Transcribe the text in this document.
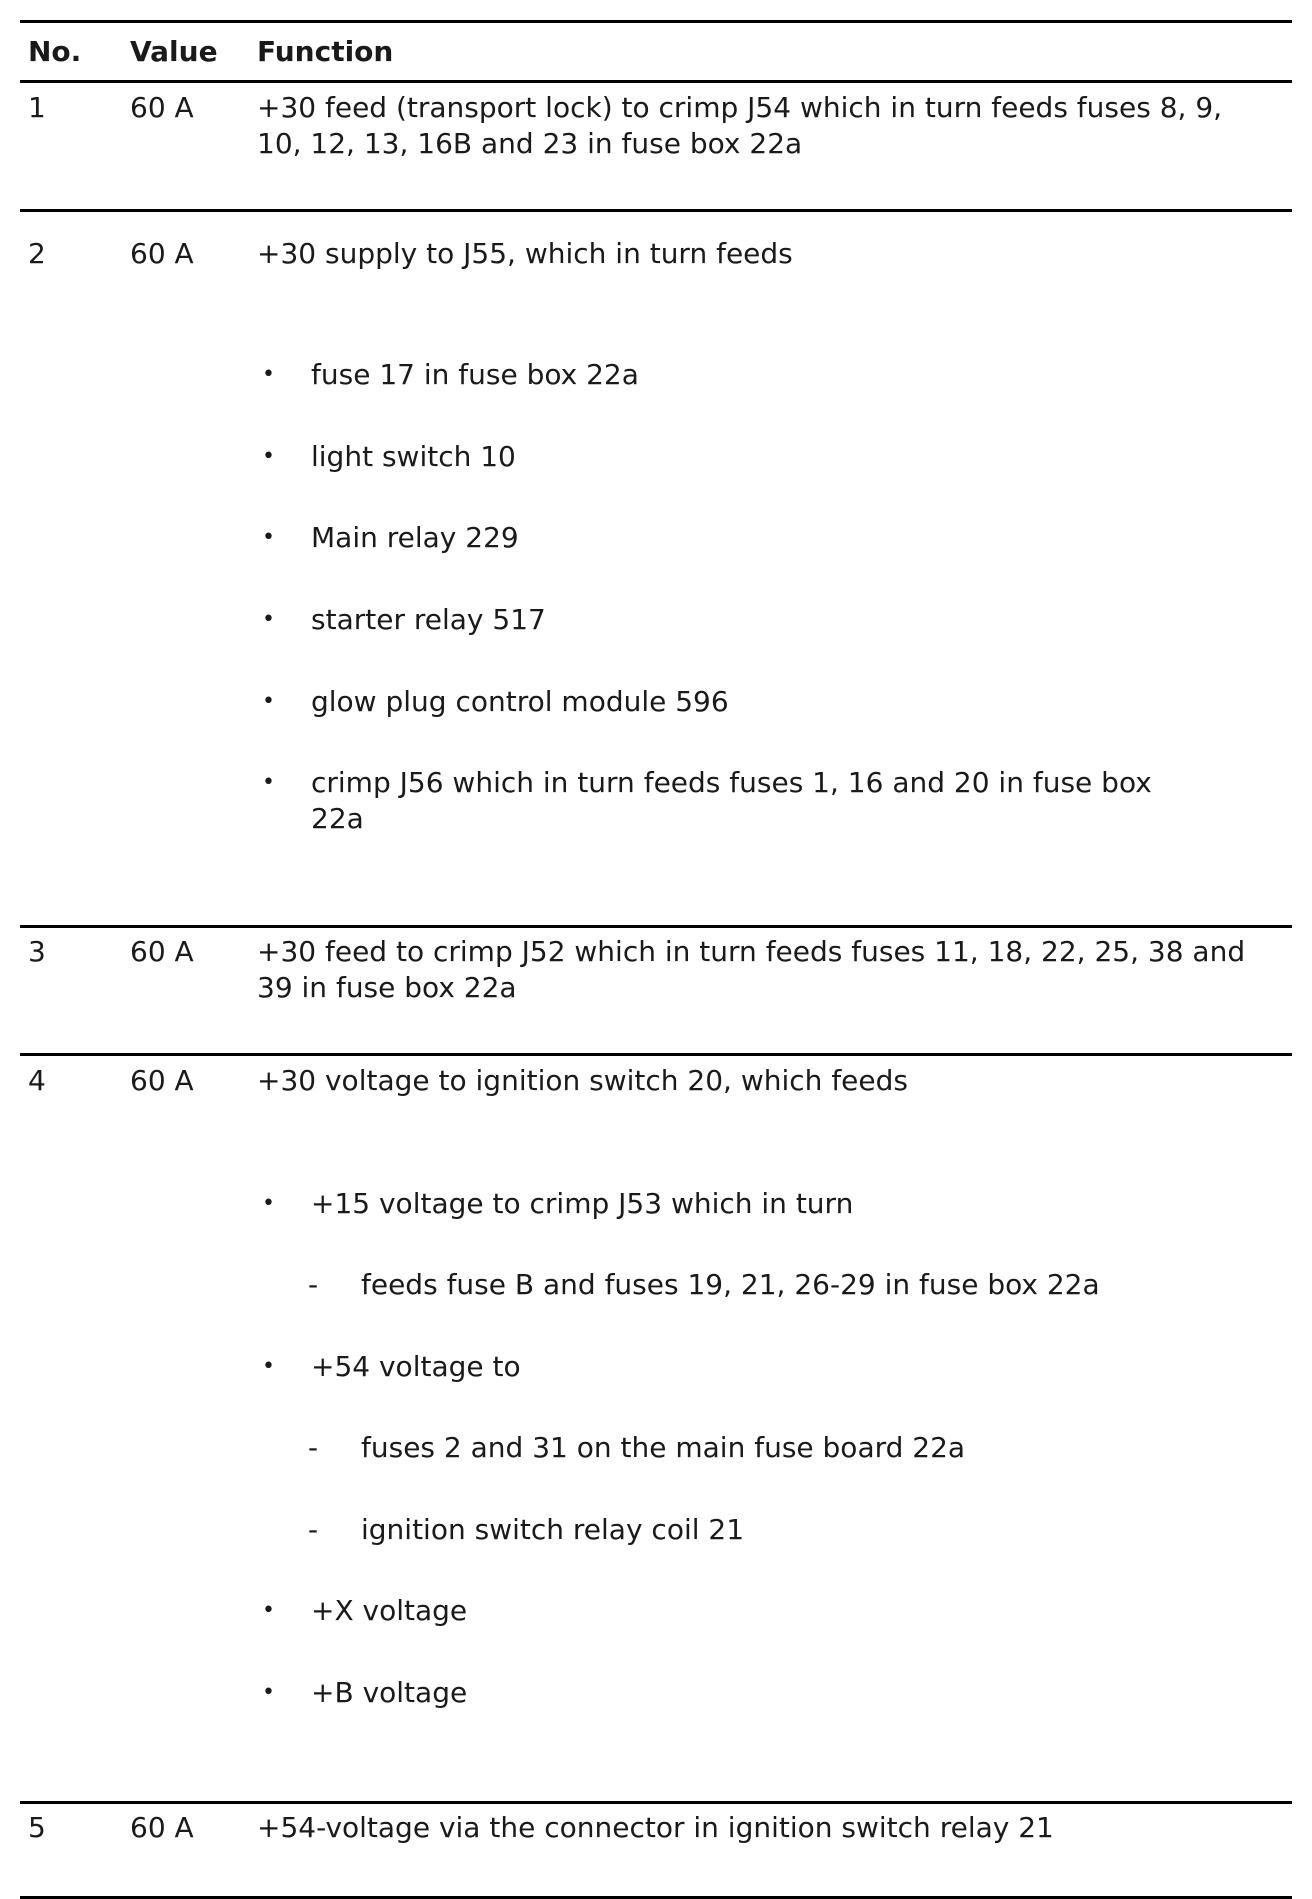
No. Value Function
1	60 A +30 feed (transport lock) to crimp J54 which in turn feeds fuses 8, 9, 10, 12, 13, 16B and 23 in fuse box 22a
2	60 A +30 supply to J55, which in turn feeds
• fuse 17 in fuse box 22a
• light switch 10
• Main relay 229
• starter relay 517
• glow plug control module 596
• crimp J56 which in turn feeds fuses 1, 16 and 20 in fuse box 22a
3	60 A +30 feed to crimp J52 which in turn feeds fuses 11, 18, 22, 25, 38 and 39 in fuse box 22a
4	60 A +30 voltage to ignition switch 20, which feeds
• +15 voltage to crimp J53 which in turn
- feeds fuse B and fuses 19, 21, 26-29 in fuse box 22a
• +54 voltage to
- fuses 2 and 31 on the main fuse board 22a
- ignition switch relay coil 21
• +X voltage
• +B voltage
5	60 A +54-voltage via the connector in ignition switch relay 21
